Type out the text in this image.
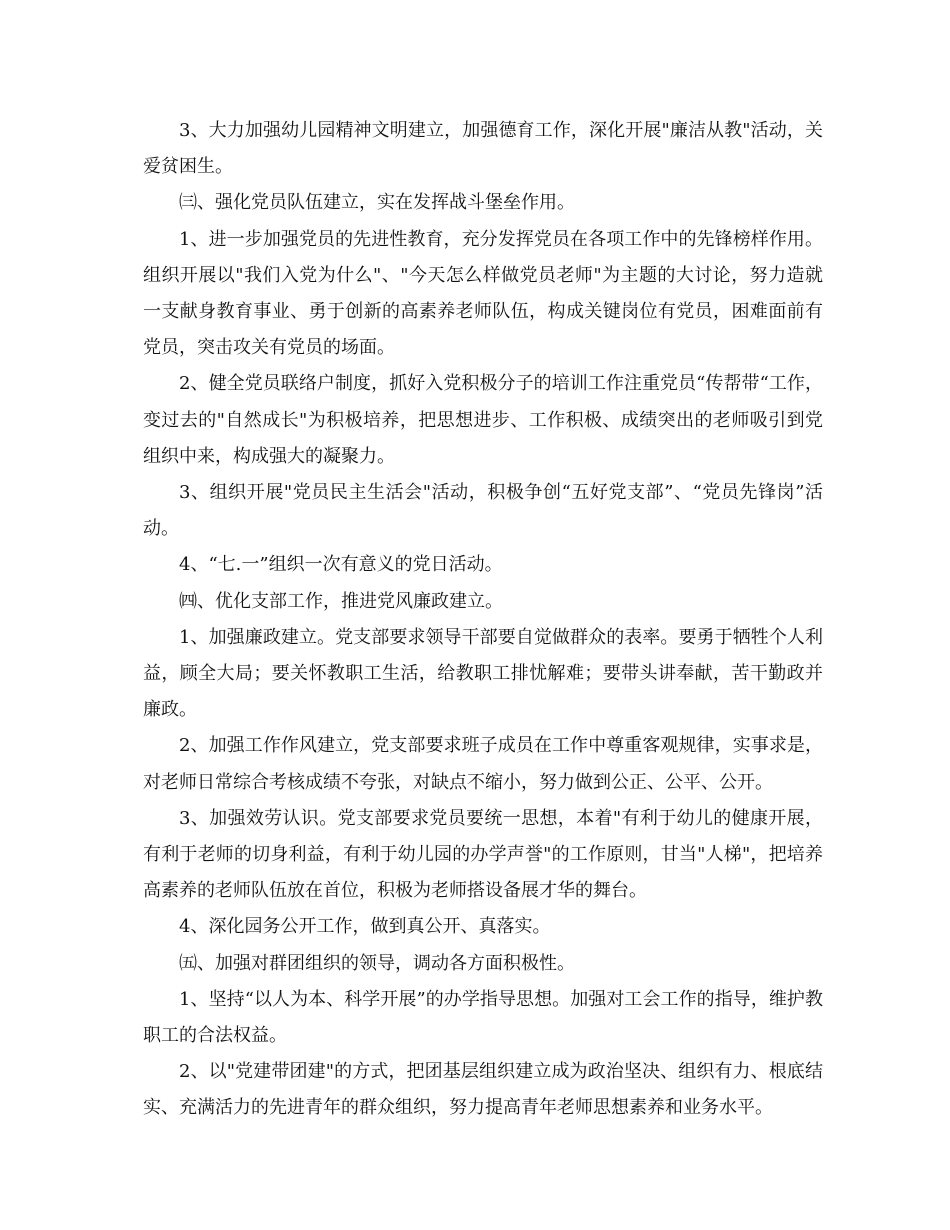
3、大力加强幼儿园精神文明建立，加强德育工作，深化开展"廉洁从教"活动，关爱贫困生。

㈢、强化党员队伍建立，实在发挥战斗堡垒作用。

1、进一步加强党员的先进性教育，充分发挥党员在各项工作中的先锋榜样作用。组织开展以"我们入党为什么"、"今天怎么样做党员老师"为主题的大讨论，努力造就一支献身教育事业、勇于创新的高素养老师队伍，构成关键岗位有党员，困难面前有党员，突击攻关有党员的场面。

2、健全党员联络户制度，抓好入党积极分子的培训工作注重党员“传帮带“工作，变过去的"自然成长"为积极培养，把思想进步、工作积极、成绩突出的老师吸引到党组织中来，构成强大的凝聚力。

3、组织开展"党员民主生活会"活动，积极争创“五好党支部”、“党员先锋岗”活动。

4、“七.一”组织一次有意义的党日活动。

㈣、优化支部工作，推进党风廉政建立。

1、加强廉政建立。党支部要求领导干部要自觉做群众的表率。要勇于牺牲个人利益，顾全大局；要关怀教职工生活，给教职工排忧解难；要带头讲奉献，苦干勤政并廉政。

2、加强工作作风建立，党支部要求班子成员在工作中尊重客观规律，实事求是，对老师日常综合考核成绩不夸张，对缺点不缩小，努力做到公正、公平、公开。

3、加强效劳认识。党支部要求党员要统一思想，本着"有利于幼儿的健康开展，有利于老师的切身利益，有利于幼儿园的办学声誉"的工作原则，甘当"人梯"，把培养高素养的老师队伍放在首位，积极为老师搭设备展才华的舞台。

4、深化园务公开工作，做到真公开、真落实。

㈤、加强对群团组织的领导，调动各方面积极性。

1、坚持“以人为本、科学开展”的办学指导思想。加强对工会工作的指导，维护教职工的合法权益。

2、以"党建带团建"的方式，把团基层组织建立成为政治坚决、组织有力、根底结实、充满活力的先进青年的群众组织，努力提高青年老师思想素养和业务水平。
